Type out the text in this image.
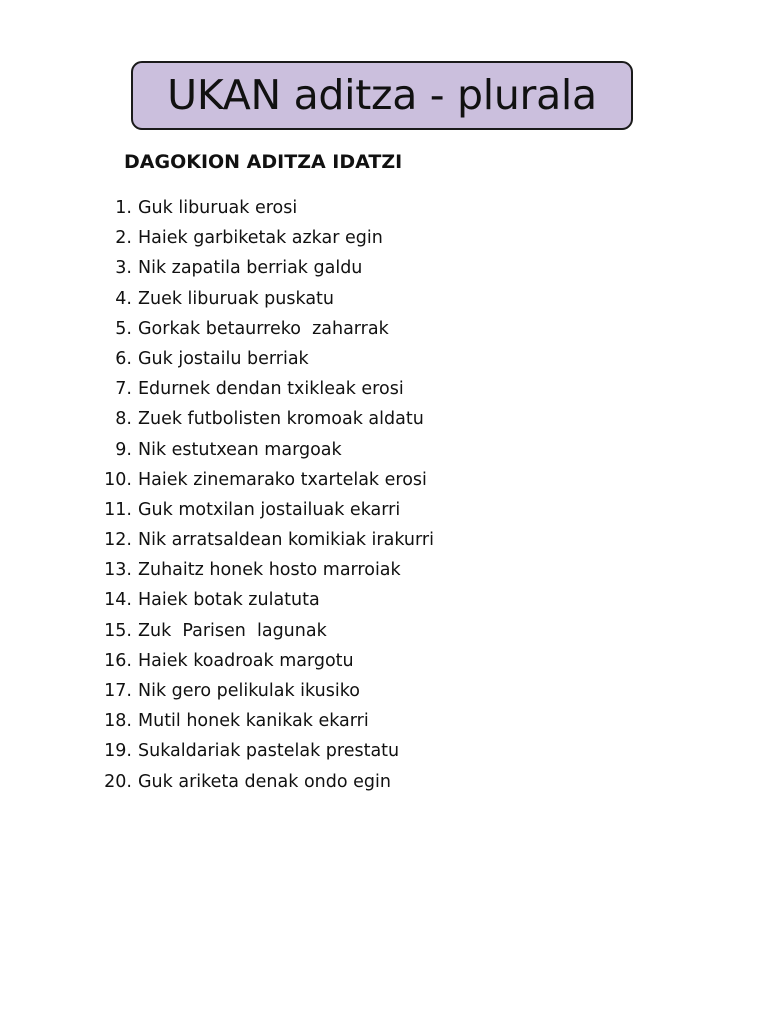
UKAN aditza - plurala
DAGOKION ADITZA IDATZI
1. Guk liburuak erosi
2. Haiek garbiketak azkar egin
3. Nik zapatila berriak galdu
4. Zuek liburuak puskatu
5. Gorkak betaurreko  zaharrak
6. Guk jostailu berriak
7. Edurnek dendan txikleak erosi
8. Zuek futbolisten kromoak aldatu
9. Nik estutxean margoak
10. Haiek zinemarako txartelak erosi
11. Guk motxilan jostailuak ekarri
12. Nik arratsaldean komikiak irakurri
13. Zuhaitz honek hosto marroiak
14. Haiek botak zulatuta
15. Zuk  Parisen  lagunak
16. Haiek koadroak margotu
17. Nik gero pelikulak ikusiko
18. Mutil honek kanikak ekarri
19. Sukaldariak pastelak prestatu
20. Guk ariketa denak ondo egin
